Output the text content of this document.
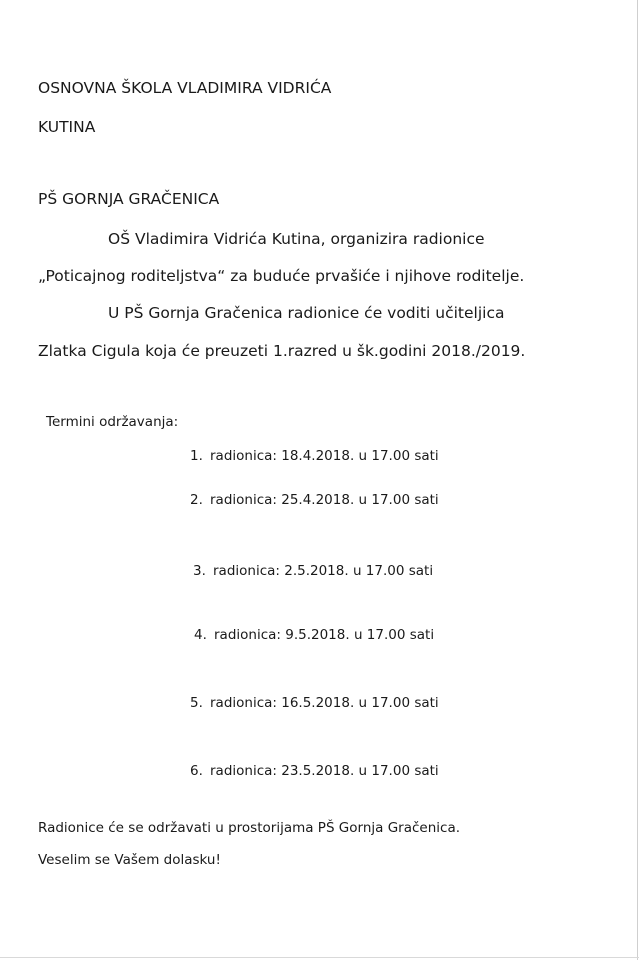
OSNOVNA ŠKOLA VLADIMIRA VIDRIĆA
KUTINA
PŠ GORNJA GRAČENICA
OŠ Vladimira Vidrića Kutina, organizira radionice
„Poticajnog roditeljstva“ za buduće prvašiće i njihove roditelje.
U PŠ Gornja Gračenica radionice će voditi učiteljica
Zlatka Cigula koja će preuzeti 1.razred u šk.godini 2018./2019.
Termini održavanja:
1. radionica: 18.4.2018. u 17.00 sati
2. radionica: 25.4.2018. u 17.00 sati
3. radionica: 2.5.2018. u 17.00 sati
4. radionica: 9.5.2018. u 17.00 sati
5. radionica: 16.5.2018. u 17.00 sati
6. radionica: 23.5.2018. u 17.00 sati
Radionice će se održavati u prostorijama PŠ Gornja Gračenica.
Veselim se Vašem dolasku!
